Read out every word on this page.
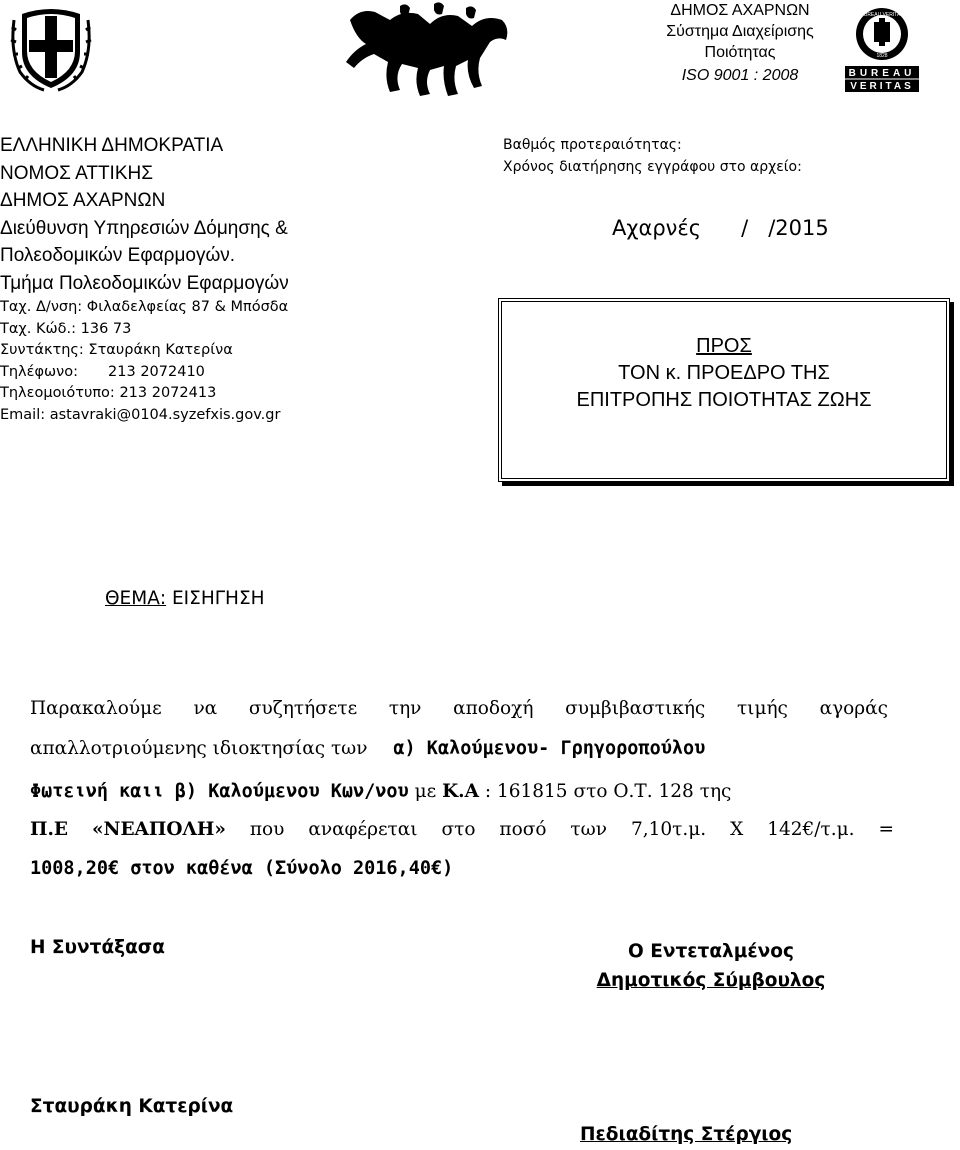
ΔΗΜΟΣ ΑΧΑΡΝΩΝ
Σύστημα Διαχείρισης
Ποιότητας
ISO 9001 : 2008	BUREAU
VERITAS
BUREAU VERITAS
1828
ΕΛΛΗΝΙΚΗ ΔΗΜΟΚΡΑΤΙΑ
ΝΟΜΟΣ ΑΤΤΙΚΗΣ
ΔΗΜΟΣ ΑΧΑΡΝΩΝ
Διεύθυνση Υπηρεσιών Δόμησης &
Πολεοδομικών Εφαρμογών.
Τμήμα Πολεοδομικών Εφαρμογών
Ταχ. Δ/νση: Φιλαδελφείας 87 & Μπόσδα
Ταχ. Κώδ.: 136 73
Συντάκτης: Σταυράκη Κατερίνα
Τηλέφωνο: 213 2072410
Τηλεομοιότυπο: 213 2072413
Email: astavraki@0104.syzefxis.gov.gr
Βαθμός προτεραιότητας:
Χρόνος διατήρησης εγγράφου στο αρχείο:
Αχαρνές      /   /2015
ΠΡΟΣ
ΤΟΝ κ. ΠΡΟΕΔΡΟ ΤΗΣ
ΕΠΙΤΡΟΠΗΣ ΠΟΙΟΤΗΤΑΣ ΖΩΗΣ
ΘΕΜΑ: ΕΙΣΗΓΗΣΗ
Παρακαλούμε να συζητήσετε την αποδοχή συμβιβαστικής τιμής αγοράς
απαλλοτριούμενης ιδιοκτησίας των α) Καλούμενου- Γρηγοροπούλου
Φωτεινή καιι β) Καλούμενου Κων/νου με Κ.Α : 161815 στο Ο.Τ. 128 της
Π.Ε «ΝΕΑΠΟΛΗ» που αναφέρεται στο ποσό των 7,10τ.μ. Χ 142€/τ.μ. =
1008,20€ στον καθένα (Σύνολο 2016,40€)
Η Συντάξασα	Ο Εντεταλμένος
Δημοτικός Σύμβουλος
Σταυράκη Κατερίνα
Πεδιαδίτης Στέργιος
